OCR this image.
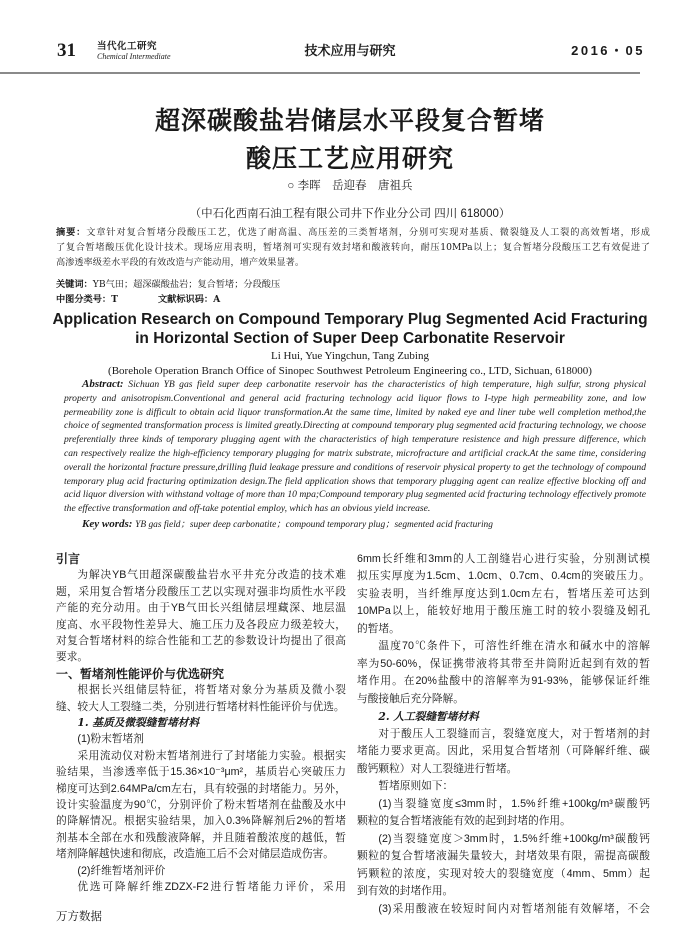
31 当代化工研究
Chemical Intermediate	技术应用与研究	2016・05
超深碳酸盐岩储层水平段复合暂堵
酸压工艺应用研究
○ 李晖　岳迎春　唐祖兵
（中石化西南石油工程有限公司井下作业分公司 四川 618000）
摘要：文章针对复合暂堵分段酸压工艺，优选了耐高温、高压差的三类暂堵剂，分别可实现对基质、微裂缝及人工裂的高效暂堵，形成
了复合暂堵酸压优化设计技术。现场应用表明，暂堵剂可实现有效封堵和酸液转向，耐压10MPa以上；复合暂堵分段酸压工艺有效促进了
高渗透率级差水平段的有效改造与产能动用，增产效果显著。
关键词：YB气田；超深碳酸盐岩；复合暂堵；分段酸压
中图分类号：T	文献标识码：A
Application Research on Compound Temporary Plug Segmented Acid Fracturing
in Horizontal Section of Super Deep Carbonatite Reservoir
Li Hui, Yue Yingchun, Tang Zubing
(Borehole Operation Branch Office of Sinopec Southwest Petroleum Engineering co., LTD, Sichuan, 618000)
Abstract: Sichuan YB gas field super deep carbonatite reservoir has the characteristics of high temperature, high sulfur, strong physical
property and anisotropism.Conventional and general acid fracturing technology acid liquor flows to I-type high permeability zone, and low
permeability zone is difficult to obtain acid liquor transformation.At the same time, limited by naked eye and liner tube well completion method,the
choice of segmented transformation process is limited greatly.Directing at compound temporary plug segmented acid fracturing technology, we choose
preferentially three kinds of temporary plugging agent with the characteristics of high temperature resistence and high pressure difference, which
can respectively realize the high-efficiency temporary plugging for matrix substrate, microfracture and artificial crack.At the same time, considering
overall the horizontal fracture pressure,drilling fluid leakage pressure and conditions of reservoir physical property to get the technology of compound
temporary plug acid fracturing optimization design.The field application shows that temporary plugging agent can realize effective blocking off and
acid liquor diversion with withstand voltage of more than 10 mpa;Compound temporary plug segmented acid fracturing technology effectively promote
the effective transformation and off-take potential employ, which has an obvious yield increase.
Key words: YB gas field；super deep carbonatite；compound temporary plug；segmented acid fracturing
引言
为解决YB气田超深碳酸盐岩水平井充分改造的技术难
题，采用复合暂堵分段酸压工艺以实现对强非均质性水平段
产能的充分动用。由于YB气田长兴组储层埋藏深、地层温
度高、水平段物性差异大、施工压力及各段应力级差较大，
对复合暂堵材料的综合性能和工艺的参数设计均提出了很高
要求。
一、暂堵剂性能评价与优选研究
根据长兴组储层特征，将暂堵对象分为基质及微小裂
缝、较大人工裂缝二类，分别进行暂堵材料性能评价与优选。
1. 基质及微裂缝暂堵材料
(1)粉末暂堵剂
采用流动仪对粉末暂堵剂进行了封堵能力实验。根据实
验结果，当渗透率低于15.36×10⁻³μm²，基质岩心突破压力
梯度可达到2.64MPa/cm左右，具有较强的封堵能力。另外，
设计实验温度为90℃，分别评价了粉末暂堵剂在盐酸及水中
的降解情况。根据实验结果，加入0.3%降解剂后2%的暂堵
剂基本全部在水和残酸液降解，并且随着酸浓度的越低，暂
堵剂降解越快速和彻底，改造施工后不会对储层造成伤害。
(2)纤维暂堵剂评价
优选可降解纤维ZDZX-F2进行暂堵能力评价，采用
万方数据
6mm长纤维和3mm的人工剖缝岩心进行实验，分别测试模
拟压实厚度为1.5cm、1.0cm、0.7cm、0.4cm的突破压力。
实验表明，当纤维厚度达到1.0cm左右，暂堵压差可达到
10MPa以上，能较好地用于酸压施工时的较小裂缝及蚓孔
的暂堵。
温度70℃条件下，可溶性纤维在清水和碱水中的溶解
率为50-60%，保证携带液将其带至井筒附近起到有效的暂
堵作用。在20%盐酸中的溶解率为91-93%，能够保证纤维
与酸接触后充分降解。
2. 人工裂缝暂堵材料
对于酸压人工裂缝而言，裂缝宽度大，对于暂堵剂的封
堵能力要求更高。因此，采用复合暂堵剂（可降解纤维、碳
酸钙颗粒）对人工裂缝进行暂堵。
暂堵原则如下：
(1)当裂缝宽度≤3mm时，1.5%纤维+100kg/m³碳酸钙
颗粒的复合暂堵液能有效的起到封堵的作用。
(2)当裂缝宽度＞3mm时，1.5%纤维+100kg/m³碳酸钙
颗粒的复合暂堵液漏失量较大，封堵效果有限，需提高碳酸
钙颗粒的浓度，实现对较大的裂缝宽度（4mm、5mm）起
到有效的封堵作用。
(3)采用酸液在较短时间内对暂堵剂能有效解堵，不会
